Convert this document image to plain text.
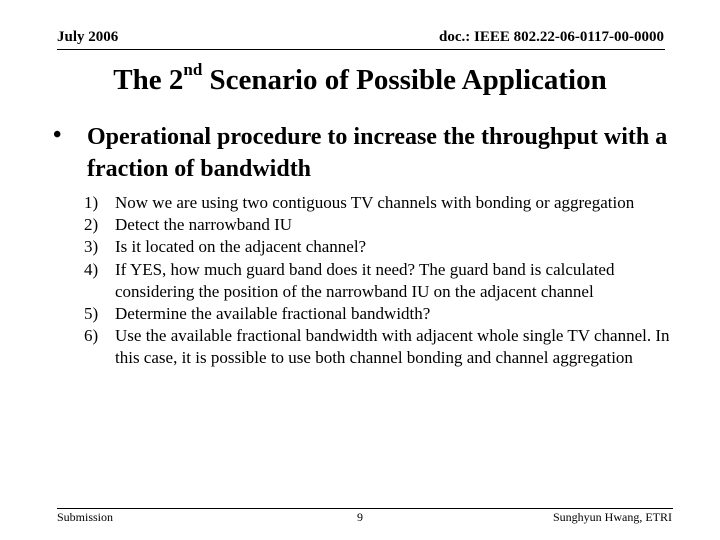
July 2006	doc.: IEEE 802.22-06-0117-00-0000
The 2nd Scenario of Possible Application
• Operational procedure to increase the throughput with a fraction of bandwidth
1) Now we are using two contiguous TV channels with bonding or aggregation
2) Detect the narrowband IU
3) Is it located on the adjacent channel?
4) If YES, how much guard band does it need? The guard band is calculated considering the position of the narrowband IU on the adjacent channel
5) Determine the available fractional bandwidth?
6) Use the available fractional bandwidth with adjacent whole single TV channel. In this case, it is possible to use both channel bonding and channel aggregation
Submission	9	Sunghyun Hwang, ETRI
